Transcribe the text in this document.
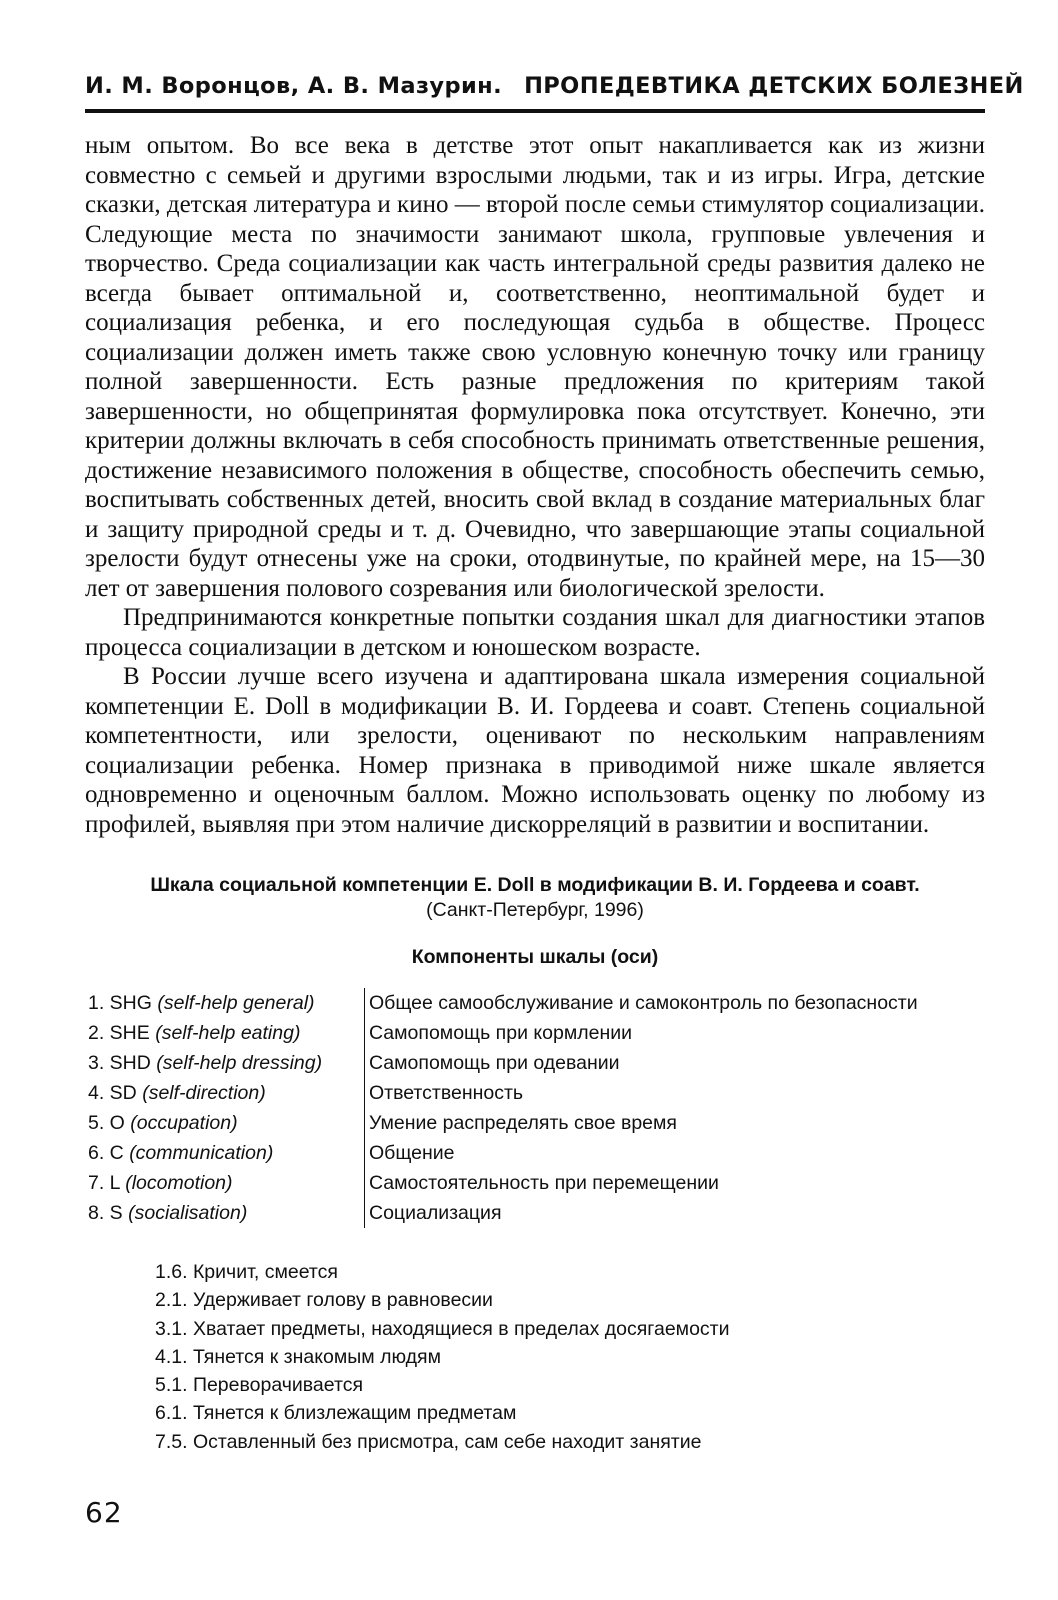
И. М. Воронцов, А. В. Мазурин. ПРОПЕДЕВТИКА ДЕТСКИХ БОЛЕЗНЕЙ

ным опытом. Во все века в детстве этот опыт накапливается как из жизни совместно с семьей и другими взрослыми людьми, так и из игры. Игра, детские сказки, детская литература и кино — второй после семьи стимулятор социализации. Следующие места по значимости занимают школа, групповые увлечения и творчество. Среда социализации как часть интегральной среды развития далеко не всегда бывает оптимальной и, соответственно, неоптимальной будет и социализация ребенка, и его последующая судьба в обществе. Процесс социализации должен иметь также свою условную конечную точку или границу полной завершенности. Есть разные предложения по критериям такой завершенности, но общепринятая формулировка пока отсутствует. Конечно, эти критерии должны включать в себя способность принимать ответственные решения, достижение независимого положения в обществе, способность обеспечить семью, воспитывать собственных детей, вносить свой вклад в создание материальных благ и защиту природной среды и т. д. Очевидно, что завершающие этапы социальной зрелости будут отнесены уже на сроки, отодвинутые, по крайней мере, на 15—30 лет от завершения полового созревания или биологической зрелости.

Предпринимаются конкретные попытки создания шкал для диагностики этапов процесса социализации в детском и юношеском возрасте.

В России лучше всего изучена и адаптирована шкала измерения социальной компетенции E. Doll в модификации В. И. Гордеева и соавт. Степень социальной компетентности, или зрелости, оценивают по нескольким направлениям социализации ребенка. Номер признака в приводимой ниже шкале является одновременно и оценочным баллом. Можно использовать оценку по любому из профилей, выявляя при этом наличие дискорреляций в развитии и воспитании.

Шкала социальной компетенции E. Doll в модификации В. И. Гордеева и соавт.
(Санкт-Петербург, 1996)
Компоненты шкалы (оси)
1. SHG (self-help general)	Общее самообслуживание и самоконтроль по безопасности
2. SHE (self-help eating)	Самопомощь при кормлении
3. SHD (self-help dressing)	Самопомощь при одевании
4. SD (self-direction)	Ответственность
5. O (occupation)	Умение распределять свое время
6. C (communication)	Общение
7. L (locomotion)	Самостоятельность при перемещении
8. S (socialisation)	Социализация
1.6. Кричит, смеется
2.1. Удерживает голову в равновесии
3.1. Хватает предметы, находящиеся в пределах досягаемости
4.1. Тянется к знакомым людям
5.1. Переворачивается
6.1. Тянется к близлежащим предметам
7.5. Оставленный без присмотра, сам себе находит занятие
62
